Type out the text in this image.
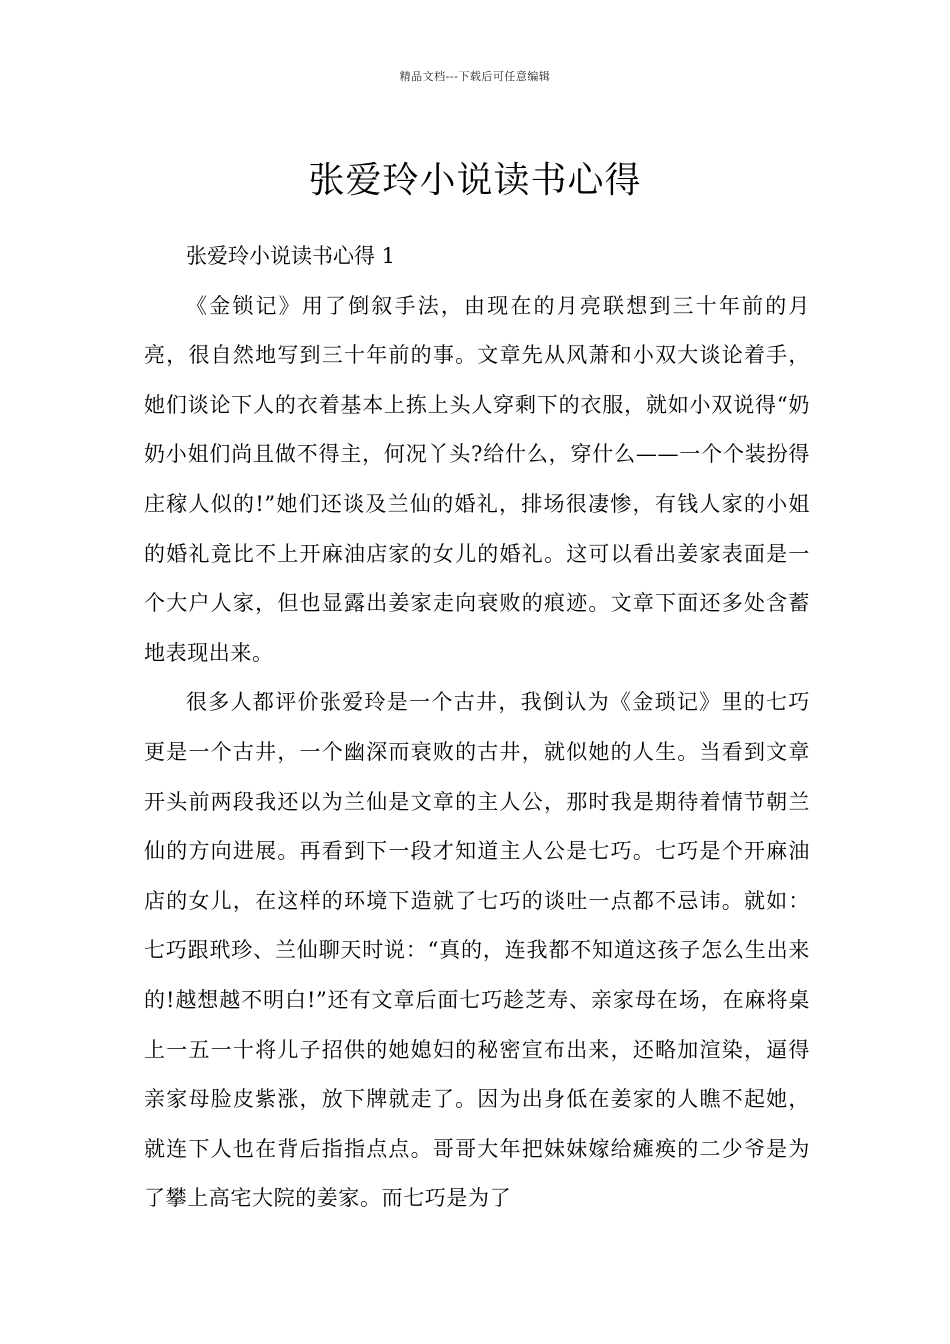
精品文档---下载后可任意编辑
张爱玲小说读书心得

张爱玲小说读书心得 1

《金锁记》用了倒叙手法，由现在的月亮联想到三十年前的月亮，很自然地写到三十年前的事。文章先从风萧和小双大谈论着手，她们谈论下人的衣着基本上拣上头人穿剩下的衣服，就如小双说得“奶奶小姐们尚且做不得主，何况丫头?给什么，穿什么——一个个装扮得庄稼人似的!”她们还谈及兰仙的婚礼，排场很凄惨，有钱人家的小姐的婚礼竟比不上开麻油店家的女儿的婚礼。这可以看出姜家表面是一个大户人家，但也显露出姜家走向衰败的痕迹。文章下面还多处含蓄地表现出来。

很多人都评价张爱玲是一个古井，我倒认为《金琐记》里的七巧更是一个古井，一个幽深而衰败的古井，就似她的人生。当看到文章开头前两段我还以为兰仙是文章的主人公，那时我是期待着情节朝兰仙的方向进展。再看到下一段才知道主人公是七巧。七巧是个开麻油店的女儿，在这样的环境下造就了七巧的谈吐一点都不忌讳。就如：七巧跟玳珍、兰仙聊天时说：“真的，连我都不知道这孩子怎么生出来的!越想越不明白!”还有文章后面七巧趁芝寿、亲家母在场，在麻将桌上一五一十将儿子招供的她媳妇的秘密宣布出来，还略加渲染，逼得亲家母脸皮紫涨，放下牌就走了。因为出身低在姜家的人瞧不起她，就连下人也在背后指指点点。哥哥大年把妹妹嫁给瘫痪的二少爷是为了攀上高宅大院的姜家。而七巧是为了
